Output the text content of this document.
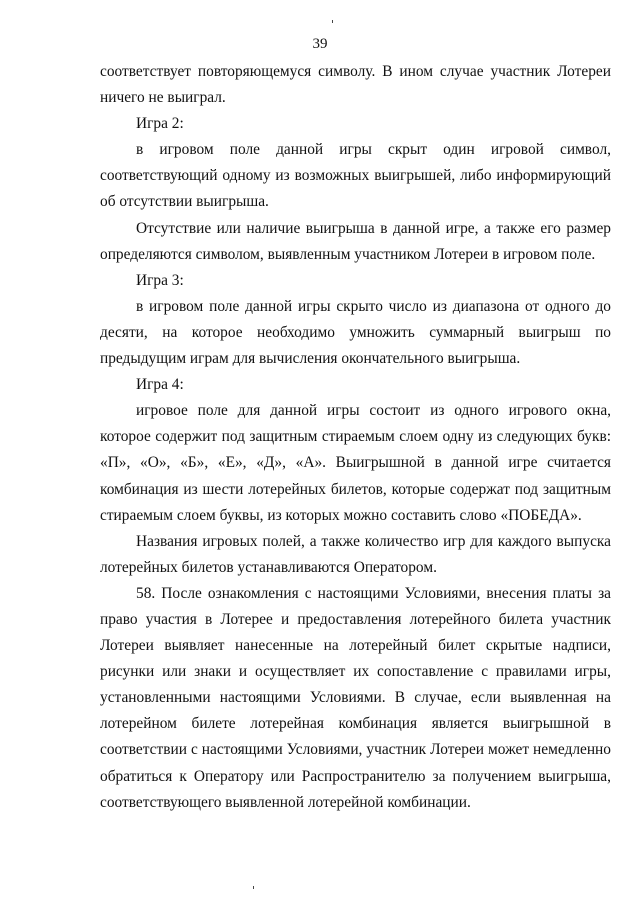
39

соответствует повторяющемуся символу. В ином случае участник Лотереи ничего не выиграл.

Игра 2:

в игровом поле данной игры скрыт один игровой символ, соответствующий одному из возможных выигрышей, либо информирующий об отсутствии выигрыша.

Отсутствие или наличие выигрыша в данной игре, а также его размер определяются символом, выявленным участником Лотереи в игровом поле.

Игра 3:

в игровом поле данной игры скрыто число из диапазона от одного до десяти, на которое необходимо умножить суммарный выигрыш по предыдущим играм для вычисления окончательного выигрыша.

Игра 4:

игровое поле для данной игры состоит из одного игрового окна, которое содержит под защитным стираемым слоем одну из следующих букв: «П», «О», «Б», «Е», «Д», «А». Выигрышной в данной игре считается комбинация из шести лотерейных билетов, которые содержат под защитным стираемым слоем буквы, из которых можно составить слово «ПОБЕДА».

Названия игровых полей, а также количество игр для каждого выпуска лотерейных билетов устанавливаются Оператором.

58. После ознакомления с настоящими Условиями, внесения платы за право участия в Лотерее и предоставления лотерейного билета участник Лотереи выявляет нанесенные на лотерейный билет скрытые надписи, рисунки или знаки и осуществляет их сопоставление с правилами игры, установленными настоящими Условиями. В случае, если выявленная на лотерейном билете лотерейная комбинация является выигрышной в соответствии с настоящими Условиями, участник Лотереи может немедленно обратиться к Оператору или Распространителю за получением выигрыша, соответствующего выявленной лотерейной комбинации.
